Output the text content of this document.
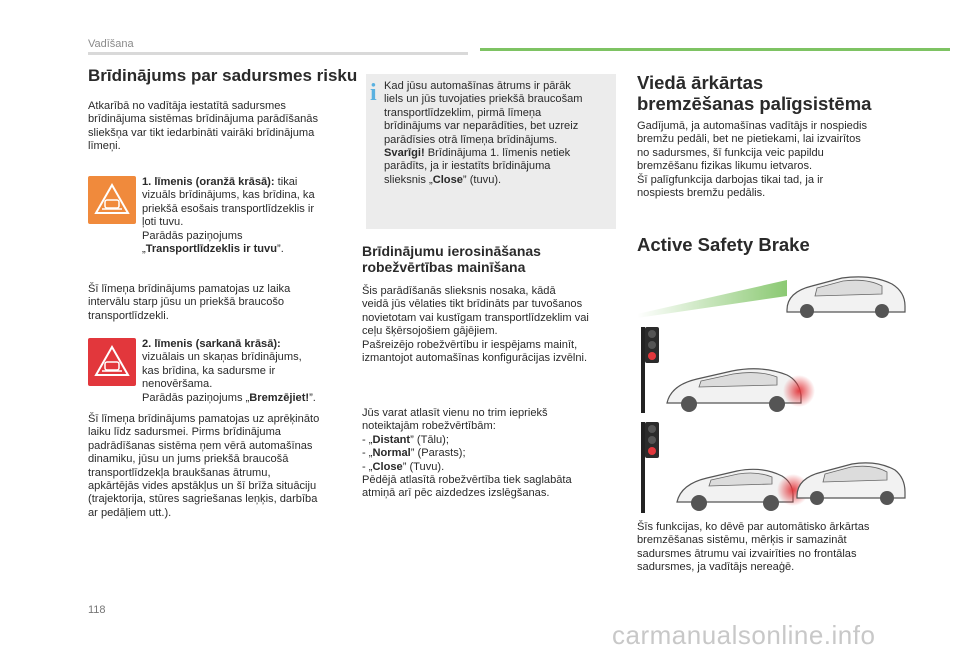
Vadīšana
Brīdinājums par sadursmes risku
Atkarībā no vadītāja iestatītā sadursmes
brīdinājuma sistēmas brīdinājuma parādīšanās
sliekšņa var tikt iedarbināti vairāki brīdinājuma
līmeņi.
1. līmenis (oranžā krāsā): tikai
vizuāls brīdinājums, kas brīdina, ka
priekšā esošais transportlīdzeklis ir
ļoti tuvu.
Parādās paziņojums
„Transportlīdzeklis ir tuvu”.
Šī līmeņa brīdinājums pamatojas uz laika
intervālu starp jūsu un priekšā braucošo
transportlīdzekli.
2. līmenis (sarkanā krāsā):
vizuālais un skaņas brīdinājums,
kas brīdina, ka sadursme ir
nenovēršama.
Parādās paziņojums „Bremzējiet!”.
Šī līmeņa brīdinājums pamatojas uz aprēķināto
laiku līdz sadursmei. Pirms brīdinājuma
padrādīšanas sistēma ņem vērā automašīnas
dinamiku, jūsu un jums priekšā braucošā
transportlīdzekļa braukšanas ātrumu,
apkārtējās vides apstākļus un šī brīža situāciju
(trajektorija, stūres sagriešanas leņķis, darbība
ar pedāļiem utt.).
i Kad jūsu automašīnas ātrums ir pārāk
liels un jūs tuvojaties priekšā braucošam
transportlīdzeklim, pirmā līmeņa
brīdinājums var neparādīties, bet uzreiz
parādīsies otrā līmeņa brīdinājums.
Svarīgi! Brīdinājuma 1. līmenis netiek
parādīts, ja ir iestatīts brīdinājuma
slieksnis „Close” (tuvu).
Brīdinājumu ierosināšanas
robežvērtības mainīšana
Šis parādīšanās slieksnis nosaka, kādā
veidā jūs vēlaties tikt brīdināts par tuvošanos
novietotam vai kustīgam transportlīdzeklim vai
ceļu šķērsojošiem gājējiem.
Pašreizējo robežvērtību ir iespējams mainīt,
izmantojot automašīnas konfigurācijas izvēlni.
Jūs varat atlasīt vienu no trim iepriekš
noteiktajām robežvērtībām:
- „Distant” (Tālu);
- „Normal” (Parasts);
- „Close” (Tuvu).
Pēdējā atlasītā robežvērtība tiek saglabāta
atmiņā arī pēc aizdedzes izslēgšanas.
Viedā ārkārtas
bremzēšanas palīgsistēma
Gadījumā, ja automašīnas vadītājs ir nospiedis
bremžu pedāli, bet ne pietiekami, lai izvairītos
no sadursmes, šī funkcija veic papildu
bremzēšanu fizikas likumu ietvaros.
Šī palīgfunkcija darbojas tikai tad, ja ir
nospiests bremžu pedālis.
Active Safety Brake
Šīs funkcijas, ko dēvē par automātisko ārkārtas
bremzēšanas sistēmu, mērķis ir samazināt
sadursmes ātrumu vai izvairīties no frontālas
sadursmes, ja vadītājs nereaģē.
118
carmanualsonline.info
